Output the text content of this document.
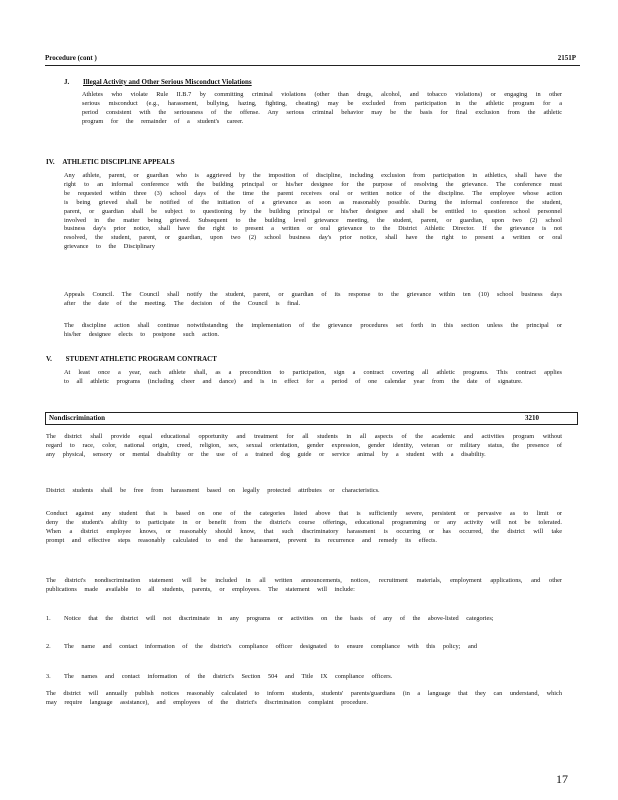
Procedure (cont )	2151P
J. Illegal Activity and Other Serious Misconduct Violations
Athletes who violate Rule II.B.7 by committing criminal violations (other than drugs, alcohol, and tobacco violations) or engaging in other serious misconduct (e.g., harassment, bullying, hazing, fighting, cheating) may be excluded from participation in the athletic program for a period consistent with the seriousness of the offense. Any serious criminal behavior may be the basis for final exclusion from the athletic program for the remainder of a student's career.
IV. ATHLETIC DISCIPLINE APPEALS
Any athlete, parent, or guardian who is aggrieved by the imposition of discipline, including exclusion from participation in athletics, shall have the right to an informal conference with the building principal or his/her designee for the purpose of resolving the grievance. The conference must be requested within three (3) school days of the time the parent receives oral or written notice of the discipline. The employee whose action is being grieved shall be notified of the initiation of a grievance as soon as reasonably possible. During the informal conference the student, parent, or guardian shall be subject to questioning by the building principal or his/her designee and shall be entitled to question school personnel involved in the matter being grieved. Subsequent to the building level grievance meeting, the student, parent, or guardian, upon two (2) school business day's prior notice, shall have the right to present a written or oral grievance to the District Athletic Director. If the grievance is not resolved, the student, parent, or guardian, upon two (2) school business day's prior notice, shall have the right to present a written or oral grievance to the Disciplinary
Appeals Council. The Council shall notify the student, parent, or guardian of its response to the grievance within ten (10) school business days after the date of the meeting. The decision of the Council is final.
The discipline action shall continue notwithstanding the implementation of the grievance procedures set forth in this section unless the principal or his/her designee elects to postpone such action.
V. STUDENT ATHLETIC PROGRAM CONTRACT
At least once a year, each athlete shall, as a precondition to participation, sign a contract covering all athletic programs. This contract applies to all athletic programs (including cheer and dance) and is in effect for a period of one calendar year from the date of signature.
Nondiscrimination	3210
The district shall provide equal educational opportunity and treatment for all students in all aspects of the academic and activities program without regard to race, color, national origin, creed, religion, sex, sexual orientation, gender expression, gender identity, veteran or military status, the presence of any physical, sensory or mental disability or the use of a trained dog guide or service animal by a student with a disability.
District students shall be free from harassment based on legally protected attributes or characteristics.
Conduct against any student that is based on one of the categories listed above that is sufficiently severe, persistent or pervasive as to limit or deny the student's ability to participate in or benefit from the district's course offerings, educational programming or any activity will not be tolerated. When a district employee knows, or reasonably should know, that such discriminatory harassment is occurring or has occurred, the district will take prompt and effective steps reasonably calculated to end the harassment, prevent its recurrence and remedy its effects.
The district's nondiscrimination statement will be included in all written announcements, notices, recruitment materials, employment applications, and other publications made available to all students, parents, or employees. The statement will include:
1. Notice that the district will not discriminate in any programs or activities on the basis of any of the above-listed categories;
2. The name and contact information of the district's compliance officer designated to ensure compliance with this policy; and
3. The names and contact information of the district's Section 504 and Title IX compliance officers.
The district will annually publish notices reasonably calculated to inform students, students' parents/guardians (in a language that they can understand, which may require language assistance), and employees of the district's discrimination complaint procedure.
17
